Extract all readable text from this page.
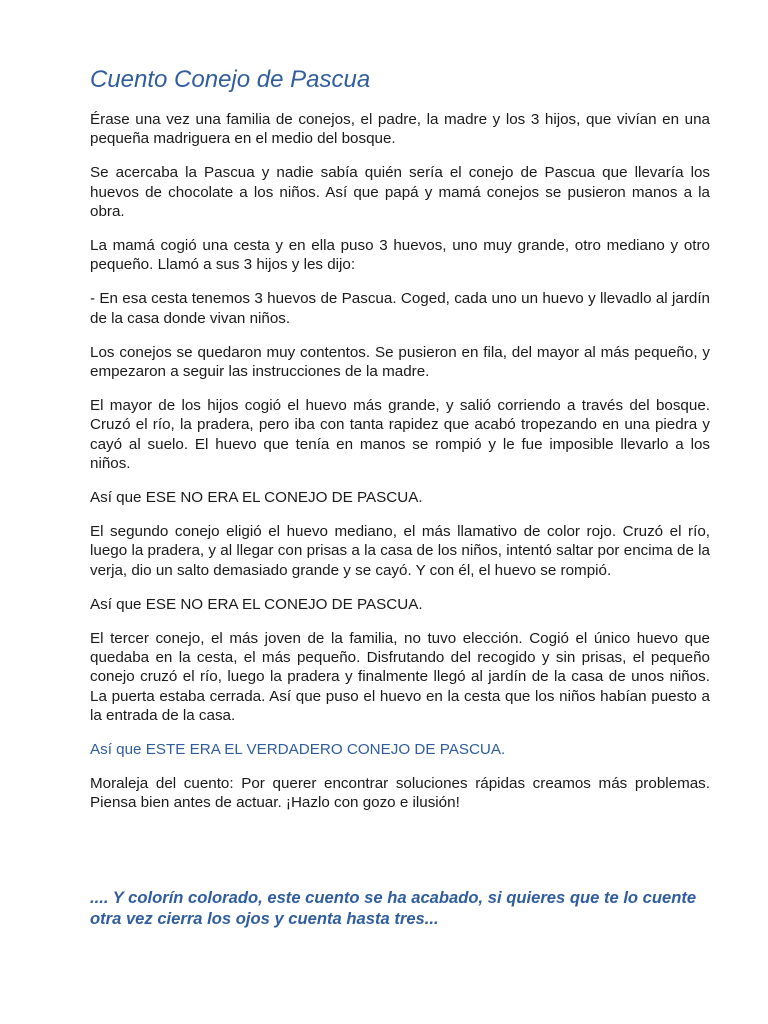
Cuento Conejo de Pascua

Érase una vez una familia de conejos, el padre, la madre y los 3 hijos, que vivían en una pequeña madriguera en el medio del bosque.

Se acercaba la Pascua y nadie sabía quién sería el conejo de Pascua que llevaría los huevos de chocolate a los niños. Así que papá y mamá conejos se pusieron manos a la obra.

La mamá cogió una cesta y en ella puso 3 huevos, uno muy grande, otro mediano y otro pequeño. Llamó a sus 3 hijos y les dijo:

- En esa cesta tenemos 3 huevos de Pascua. Coged, cada uno un huevo y llevadlo al jardín de la casa donde vivan niños.

Los conejos se quedaron muy contentos. Se pusieron en fila, del mayor al más pequeño, y empezaron a seguir las instrucciones de la madre.

El mayor de los hijos cogió el huevo más grande, y salió corriendo a través del bosque. Cruzó el río, la pradera, pero iba con tanta rapidez que acabó tropezando en una piedra y cayó al suelo. El huevo que tenía en manos se rompió y le fue imposible llevarlo a los niños.

Así que ESE NO ERA EL CONEJO DE PASCUA.

El segundo conejo eligió el huevo mediano, el más llamativo de color rojo. Cruzó el río, luego la pradera, y al llegar con prisas a la casa de los niños, intentó saltar por encima de la verja, dio un salto demasiado grande y se cayó. Y con él, el huevo se rompió.

Así que ESE NO ERA EL CONEJO DE PASCUA.

El tercer conejo, el más joven de la familia, no tuvo elección. Cogió el único huevo que quedaba en la cesta, el más pequeño. Disfrutando del recogido y sin prisas, el pequeño conejo cruzó el río, luego la pradera y finalmente llegó al jardín de la casa de unos niños. La puerta estaba cerrada. Así que puso el huevo en la cesta que los niños habían puesto a la entrada de la casa.

Así que ESTE ERA EL VERDADERO CONEJO DE PASCUA.

Moraleja del cuento: Por querer encontrar soluciones rápidas creamos más problemas. Piensa bien antes de actuar. ¡Hazlo con gozo e ilusión!

.... Y colorín colorado, este cuento se ha acabado, si quieres que te lo cuente otra vez cierra los ojos y cuenta hasta tres...
